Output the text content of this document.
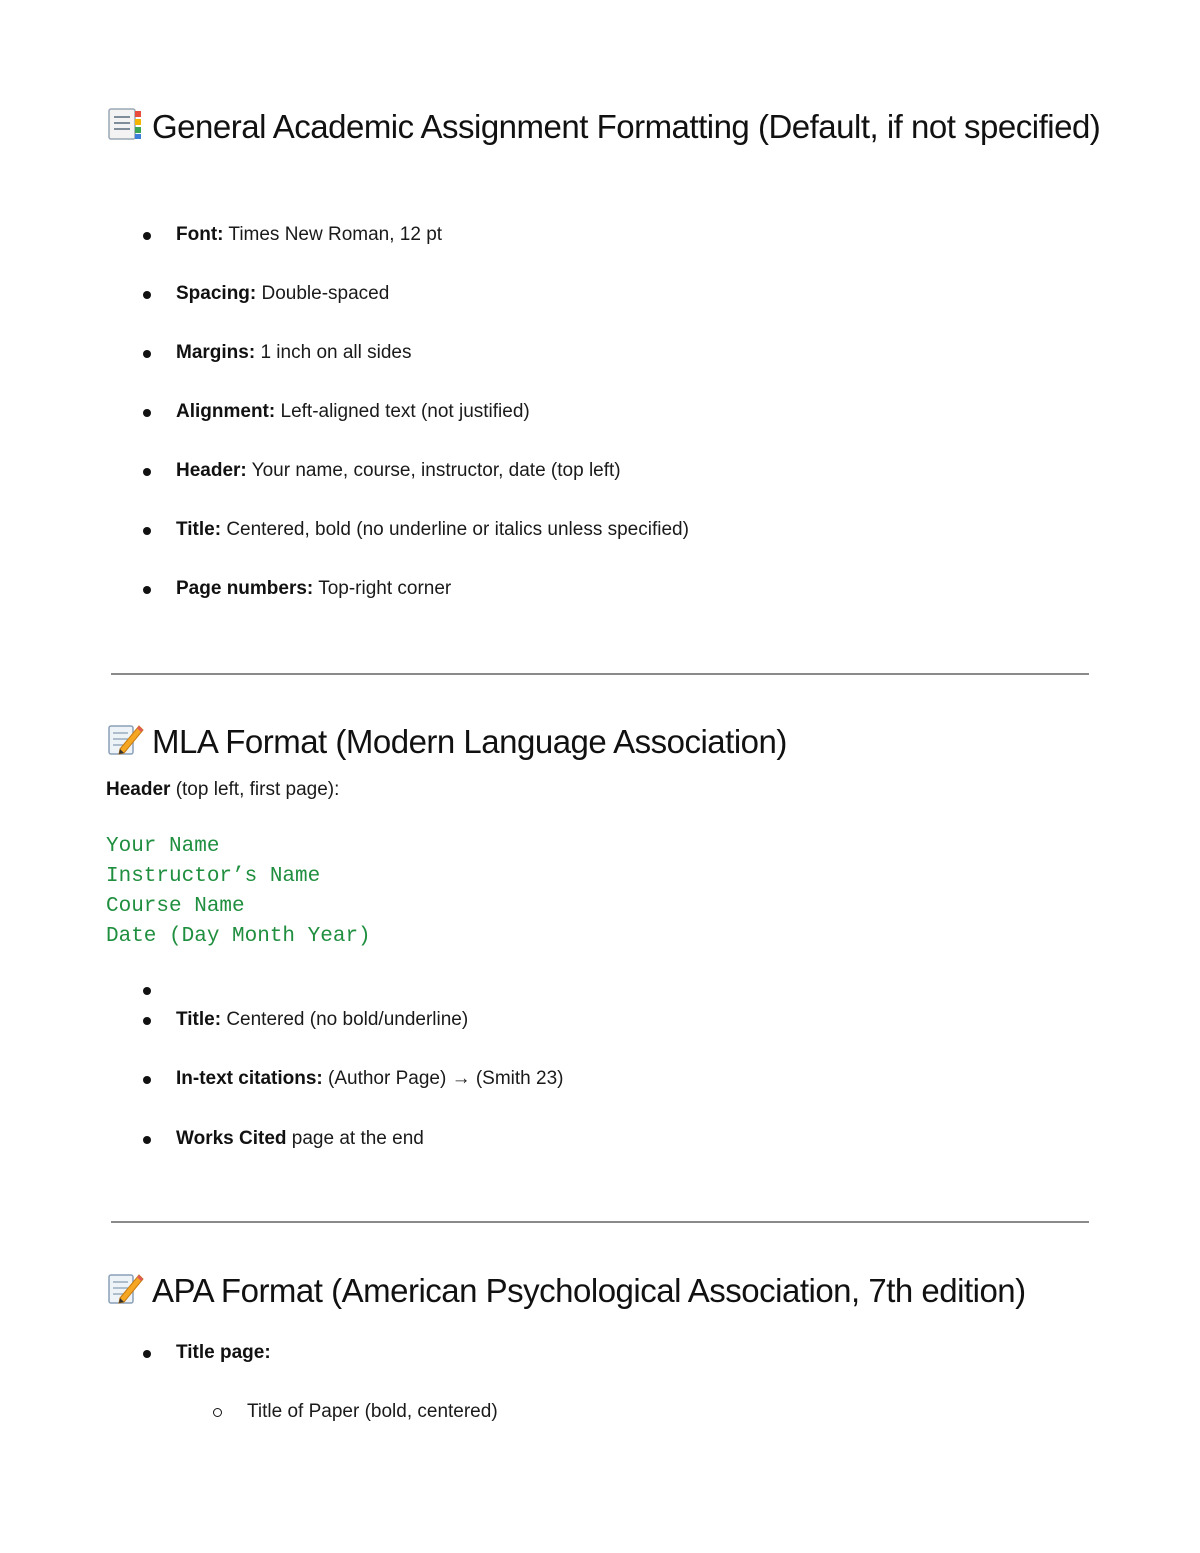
General Academic Assignment Formatting (Default, if not specified)
Font: Times New Roman, 12 pt
Spacing: Double-spaced
Margins: 1 inch on all sides
Alignment: Left-aligned text (not justified)
Header: Your name, course, instructor, date (top left)
Title: Centered, bold (no underline or italics unless specified)
Page numbers: Top-right corner
MLA Format (Modern Language Association)
Header (top left, first page):
Your Name
Instructor’s Name
Course Name
Date (Day Month Year)

Title: Centered (no bold/underline)
In-text citations: (Author Page) → (Smith 23)
Works Cited page at the end
APA Format (American Psychological Association, 7th edition)
Title page:
Title of Paper (bold, centered)
